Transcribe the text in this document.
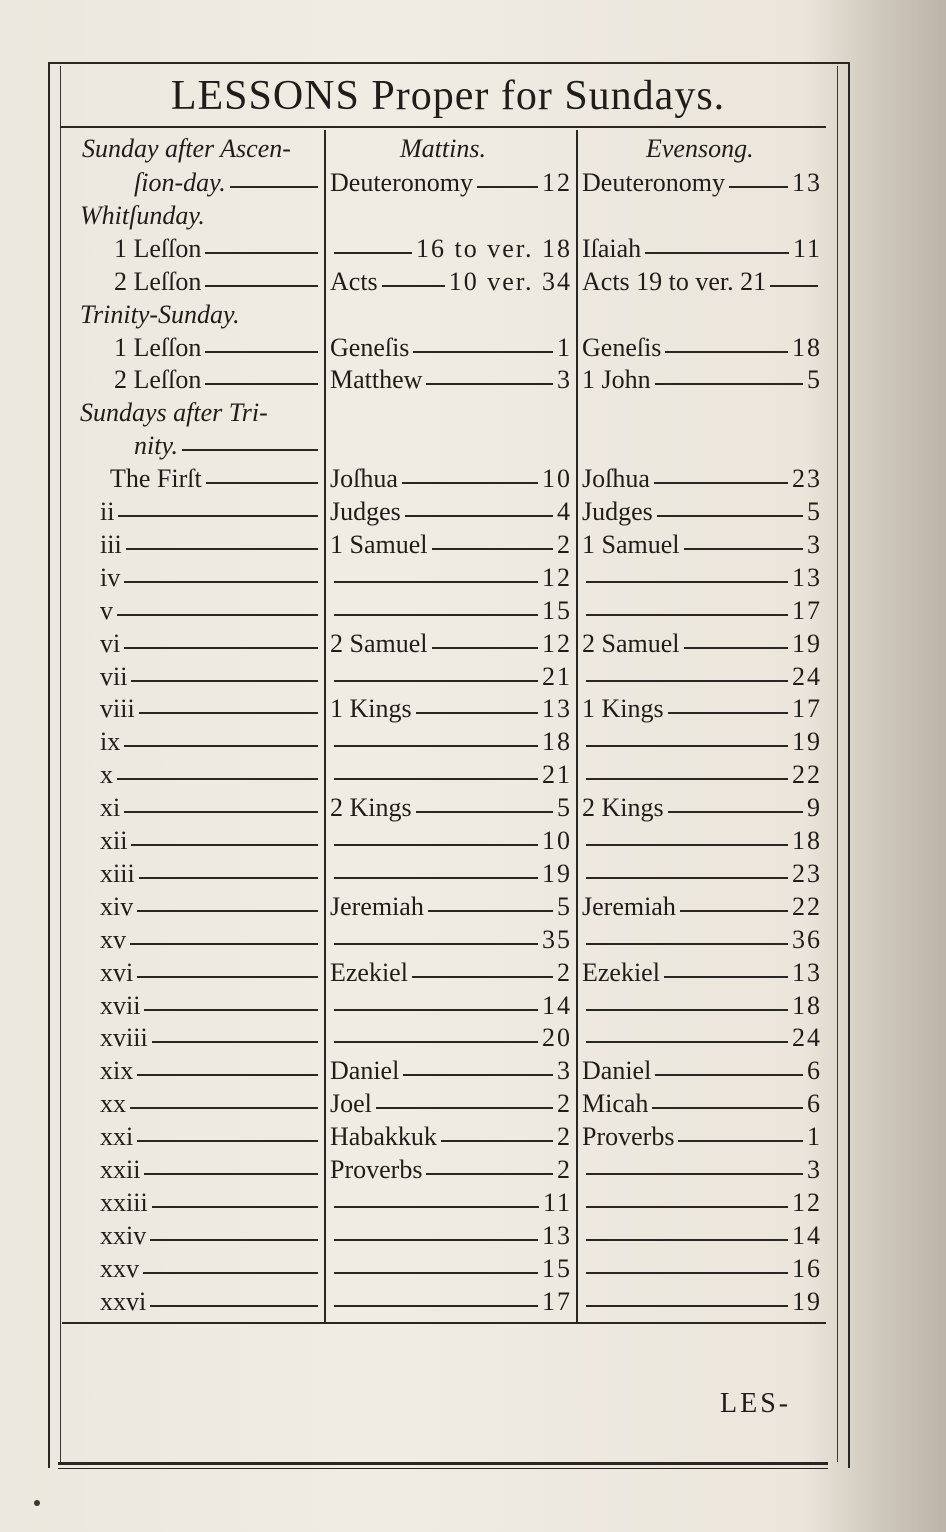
LESSONS Proper for Sundays.
Sunday after Ascen-	Mattins.	Evensong.
ſion-day.	Deuteronomy	12 Deuteronomy	13
Whitſunday.
1 Leſſon	16 to ver. 18 Iſaiah	11
2 Leſſon	Acts	10 ver. 34 Acts 19 to ver. 21
Trinity-Sunday.
1 Leſſon	Geneſis	1 Geneſis	18
2 Leſſon	Matthew	3 1 John	5
Sundays after Tri-
nity.
The Firſt	Joſhua	10 Joſhua	23
ii	Judges	4 Judges	5
iii	1 Samuel	2 1 Samuel	3
iv	12	13
v	15	17
vi	2 Samuel	12 2 Samuel	19
vii	21	24
viii	1 Kings	13 1 Kings	17
ix	18	19
x	21	22
xi	2 Kings	5 2 Kings	9
xii	10	18
xiii	19	23
xiv	Jeremiah	5 Jeremiah	22
xv	35	36
xvi	Ezekiel	2 Ezekiel	13
xvii	14	18
xviii	20	24
xix	Daniel	3 Daniel	6
xx	Joel	2 Micah	6
xxi	Habakkuk	2 Proverbs	1
xxii	Proverbs	2	3
xxiii	11	12
xxiv	13	14
xxv	15	16
xxvi	17	19
LES-
